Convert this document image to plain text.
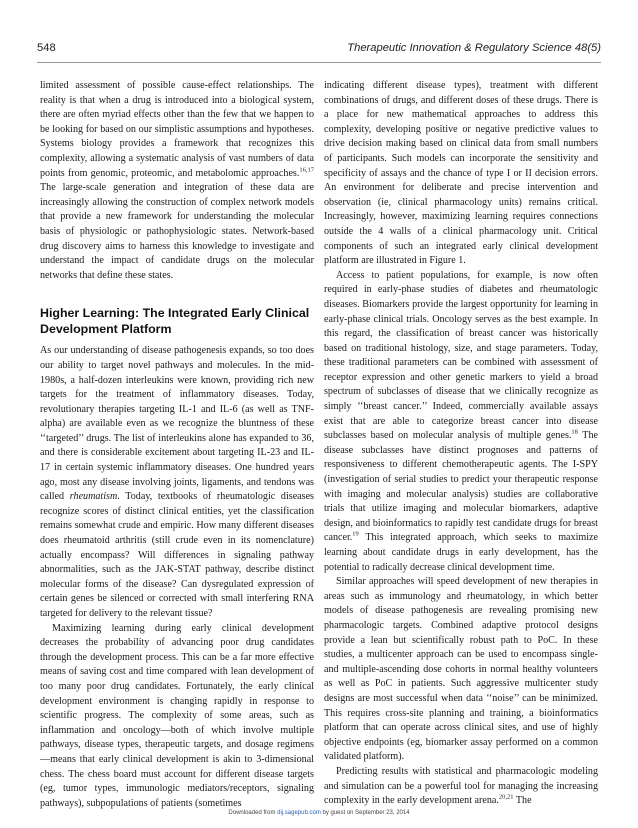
548	Therapeutic Innovation & Regulatory Science 48(5)

limited assessment of possible cause-effect relationships. The reality is that when a drug is introduced into a biological system, there are often myriad effects other than the few that we happen to be looking for based on our simplistic assumptions and hypotheses. Systems biology provides a framework that recognizes this complexity, allowing a systematic analysis of vast numbers of data points from genomic, proteomic, and metabolomic approaches.$^{16,17}$ The large-scale generation and integration of these data are increasingly allowing the construction of complex network models that provide a new framework for understanding the molecular basis of physiologic or pathophysiologic states. Network-based drug discovery aims to harness this knowledge to investigate and understand the impact of candidate drugs on the molecular networks that define these states.

Higher Learning: The Integrated Early Clinical Development Platform

As our understanding of disease pathogenesis expands, so too does our ability to target novel pathways and molecules. In the mid-1980s, a half-dozen interleukins were known, providing rich new targets for the treatment of inflammatory diseases. Today, revolutionary therapies targeting IL-1 and IL-6 (as well as TNF-alpha) are available even as we recognize the bluntness of these ‘‘targeted’’ drugs. The list of interleukins alone has expanded to 36, and there is considerable excitement about targeting IL-23 and IL-17 in certain systemic inflammatory diseases. One hundred years ago, most any disease involving joints, ligaments, and tendons was called rheumatism. Today, textbooks of rheumatologic diseases recognize scores of distinct clinical entities, yet the classification remains somewhat crude and empiric. How many different diseases does rheumatoid arthritis (still crude even in its nomenclature) actually encompass? Will differences in signaling pathway abnormalities, such as the JAK-STAT pathway, describe distinct molecular forms of the disease? Can dysregulated expression of certain genes be silenced or corrected with small interfering RNA targeted for delivery to the relevant tissue?

Maximizing learning during early clinical development decreases the probability of advancing poor drug candidates through the development process. This can be a far more effective means of saving cost and time compared with lean development of too many poor drug candidates. Fortunately, the early clinical development environment is changing rapidly in response to scientific progress. The complexity of some areas, such as inflammation and oncology—both of which involve multiple pathways, disease types, therapeutic targets, and dosage regimens—means that early clinical development is akin to 3-dimensional chess. The chess board must account for different disease targets (eg, tumor types, immunologic mediators/receptors, signaling pathways), subpopulations of patients (sometimes

indicating different disease types), treatment with different combinations of drugs, and different doses of these drugs. There is a place for new mathematical approaches to address this complexity, developing positive or negative predictive values to drive decision making based on clinical data from small numbers of participants. Such models can incorporate the sensitivity and specificity of assays and the chance of type I or II decision errors. An environment for deliberate and precise intervention and observation (ie, clinical pharmacology units) remains critical. Increasingly, however, maximizing learning requires connections outside the 4 walls of a clinical pharmacology unit. Critical components of such an integrated early clinical development platform are illustrated in Figure 1.

Access to patient populations, for example, is now often required in early-phase studies of diabetes and rheumatologic diseases. Biomarkers provide the largest opportunity for learning in early-phase clinical trials. Oncology serves as the best example. In this regard, the classification of breast cancer was historically based on traditional histology, size, and stage parameters. Today, these traditional parameters can be combined with assessment of receptor expression and other genetic markers to yield a broad spectrum of subclasses of disease that we clinically recognize as simply ‘‘breast cancer.’’ Indeed, commercially available assays exist that are able to categorize breast cancer into disease subclasses based on molecular analysis of multiple genes.$^{18}$ The disease subclasses have distinct prognoses and patterns of responsiveness to different chemotherapeutic agents. The I-SPY (investigation of serial studies to predict your therapeutic response with imaging and molecular analysis) studies are collaborative trials that utilize imaging and molecular biomarkers, adaptive design, and bioinformatics to rapidly test candidate drugs for breast cancer.$^{19}$ This integrated approach, which seeks to maximize learning about candidate drugs in early development, has the potential to radically decrease clinical development time.

Similar approaches will speed development of new therapies in areas such as immunology and rheumatology, in which better models of disease pathogenesis are revealing promising new pharmacologic targets. Combined adaptive protocol designs provide a lean but scientifically robust path to PoC. In these studies, a multicenter approach can be used to encompass single-and multiple-ascending dose cohorts in normal healthy volunteers as well as PoC in patients. Such aggressive multicenter study designs are most successful when data ‘‘noise’’ can be minimized. This requires cross-site planning and training, a bioinformatics platform that can operate across clinical sites, and use of highly objective endpoints (eg, biomarker assay performed on a common validated platform).

Predicting results with statistical and pharmacologic modeling and simulation can be a powerful tool for managing the increasing complexity in the early development arena.$^{20,21}$ The

Downloaded from dij.sagepub.com by guest on September 23, 2014
